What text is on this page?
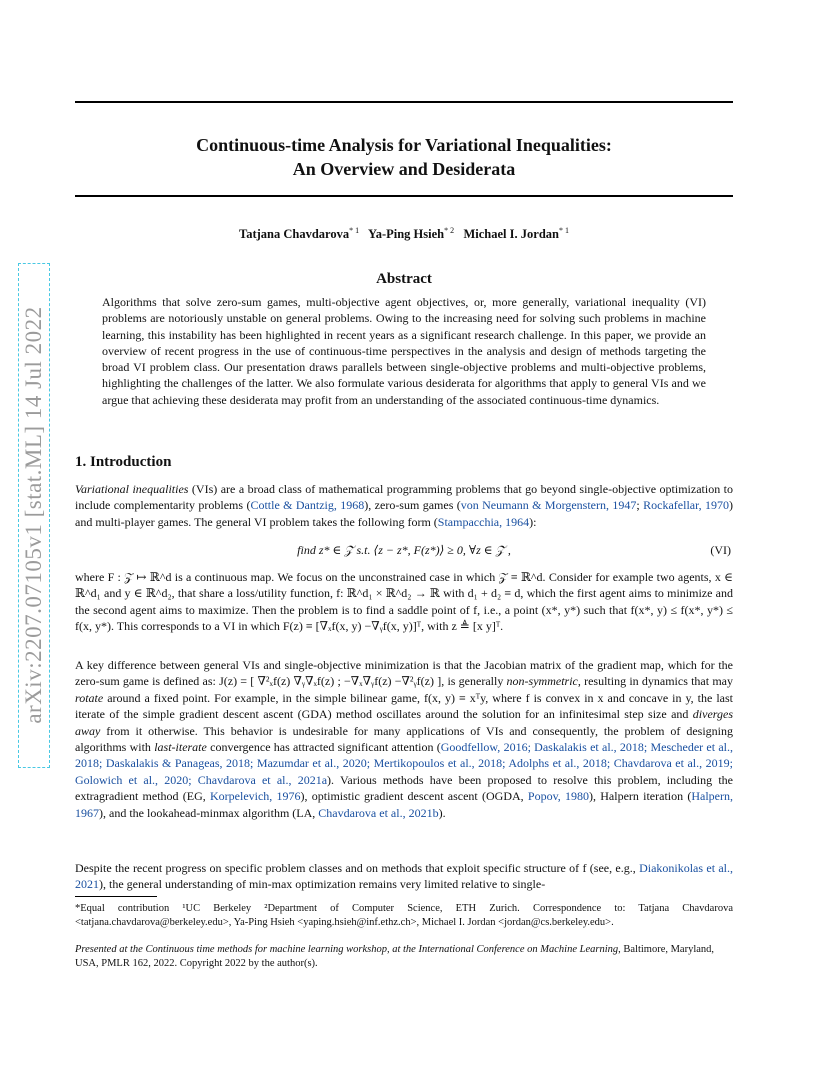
arXiv:2207.07105v1 [stat.ML] 14 Jul 2022
Continuous-time Analysis for Variational Inequalities:
An Overview and Desiderata
Tatjana Chavdarova$^{* 1}$ Ya-Ping Hsieh$^{* 2}$ Michael I. Jordan$^{* 1}$
Abstract
Algorithms that solve zero-sum games, multi-objective agent objectives, or, more generally, variational inequality (VI) problems are notoriously unstable on general problems. Owing to the increasing need for solving such problems in machine learning, this instability has been highlighted in recent years as a significant research challenge. In this paper, we provide an overview of recent progress in the use of continuous-time perspectives in the analysis and design of methods targeting the broad VI problem class. Our presentation draws parallels between single-objective problems and multi-objective problems, highlighting the challenges of the latter. We also formulate various desiderata for algorithms that apply to general VIs and we argue that achieving these desiderata may profit from an understanding of the associated continuous-time dynamics.
1. Introduction
Variational inequalities (VIs) are a broad class of mathematical programming problems that go beyond single-objective optimization to include complementarity problems (Cottle & Dantzig, 1968), zero-sum games (von Neumann & Morgenstern, 1947; Rockafellar, 1970) and multi-player games. The general VI problem takes the following form (Stampacchia, 1964):
find z* ∈ 𝒵 s.t. ⟨z − z*, F(z*)⟩ ≥ 0, ∀z ∈ 𝒵 ,	(VI)
where F : 𝒵 ↦ ℝ^d is a continuous map. We focus on the unconstrained case in which 𝒵 ≡ ℝ^d. Consider for example two agents, x ∈ ℝ^d₁ and y ∈ ℝ^d₂, that share a loss/utility function, f: ℝ^d₁ × ℝ^d₂ → ℝ with d₁ + d₂ ≡ d, which the first agent aims to minimize and the second agent aims to maximize. Then the problem is to find a saddle point of f, i.e., a point (x*, y*) such that f(x*, y) ≤ f(x*, y*) ≤ f(x, y*). This corresponds to a VI in which F(z) ≡ [∇ₓf(x, y) −∇ᵧf(x, y)]ᵀ, with z ≜ [x y]ᵀ.
A key difference between general VIs and single-objective minimization is that the Jacobian matrix of the gradient map, which for the zero-sum game is defined as: J(z) = [ ∇²ₓf(z) ∇ᵧ∇ₓf(z) ; −∇ₓ∇ᵧf(z) −∇²ᵧf(z) ], is generally non-symmetric, resulting in dynamics that may rotate around a fixed point. For example, in the simple bilinear game, f(x, y) ≡ xᵀy, where f is convex in x and concave in y, the last iterate of the simple gradient descent ascent (GDA) method oscillates around the solution for an infinitesimal step size and diverges away from it otherwise. This behavior is undesirable for many applications of VIs and consequently, the problem of designing algorithms with last-iterate convergence has attracted significant attention (Goodfellow, 2016; Daskalakis et al., 2018; Mescheder et al., 2018; Daskalakis & Panageas, 2018; Mazumdar et al., 2020; Mertikopoulos et al., 2018; Adolphs et al., 2018; Chavdarova et al., 2019; Golowich et al., 2020; Chavdarova et al., 2021a). Various methods have been proposed to resolve this problem, including the extragradient method (EG, Korpelevich, 1976), optimistic gradient descent ascent (OGDA, Popov, 1980), Halpern iteration (Halpern, 1967), and the lookahead-minmax algorithm (LA, Chavdarova et al., 2021b).
Despite the recent progress on specific problem classes and on methods that exploit specific structure of f (see, e.g., Diakonikolas et al., 2021), the general understanding of min-max optimization remains very limited relative to single-
*Equal contribution ¹UC Berkeley ²Department of Computer Science, ETH Zurich. Correspondence to: Tatjana Chavdarova <tatjana.chavdarova@berkeley.edu>, Ya-Ping Hsieh <yaping.hsieh@inf.ethz.ch>, Michael I. Jordan <jordan@cs.berkeley.edu>.
Presented at the Continuous time methods for machine learning workshop, at the International Conference on Machine Learning, Baltimore, Maryland, USA, PMLR 162, 2022. Copyright 2022 by the author(s).
